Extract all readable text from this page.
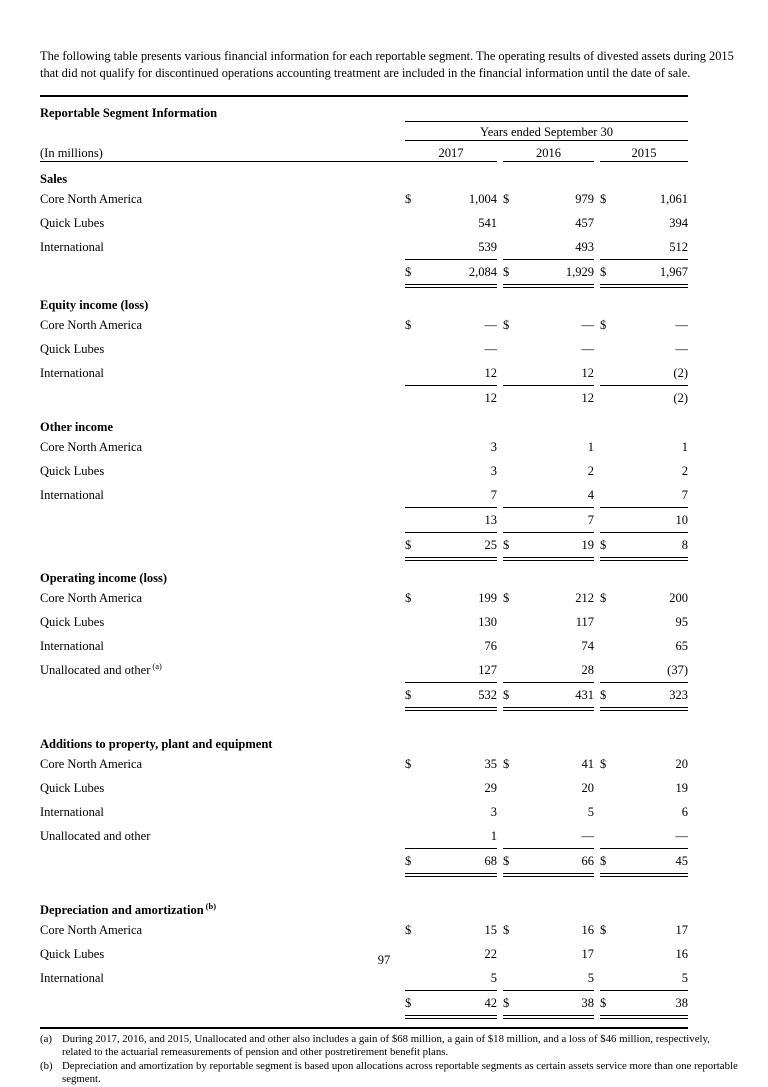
The following table presents various financial information for each reportable segment. The operating results of divested assets during 2015 that did not qualify for discontinued operations accounting treatment are included in the financial information until the date of sale.

Reportable Segment Information								
	Years ended September 30							
(In millions)	2017			2016			2015	
Sales								
Core North America	$	1,004		$	979		$	1,061
Quick Lubes		541			457			394
International		539			493			512
	$	2,084		$	1,929		$	1,967
Equity income (loss)								
Core North America	$	—		$	—		$	—
Quick Lubes		—			—			—
International		12			12			(2)
		12			12			(2)
Other income								
Core North America		3			1			1
Quick Lubes		3			2			2
International		7			4			7
		13			7			10
	$	25		$	19		$	8
Operating income (loss)								
Core North America	$	199		$	212		$	200
Quick Lubes		130			117			95
International		76			74			65
Unallocated and other $^{(a)}$		127			28			(37)
	$	532		$	431		$	323

Additions to property, plant and equipment								
Core North America	$	35		$	41		$	20
Quick Lubes		29			20			19
International		3			5			6
Unallocated and other		1			—			—
	$	68		$	66		$	45

Depreciation and amortization $^{(b)}$
Core North America	$	15		$	16		$	17
Quick Lubes		22			17			16
International		5			5			5
	$	42		$	38		$	38

(a) During 2017, 2016, and 2015, Unallocated and other also includes a gain of $68 million, a gain of $18 million, and a loss of $46 million, respectively, related to the actuarial remeasurements of pension and other postretirement benefit plans.
(b) Depreciation and amortization by reportable segment is based upon allocations across reportable segments as certain assets service more than one reportable segment.
97
